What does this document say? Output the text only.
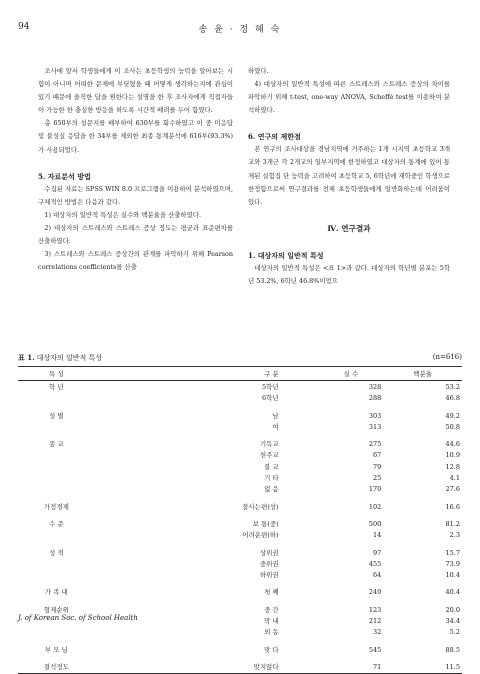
94	송 윤 · 정 혜 숙

조사에 앞서 학생들에게 이 조사는 초등학생의 능력을 알아보는 시험이 아니며 어떠한 문제에 부딪혔을 때 어떻게 생각하는지에 관심이 있기 때문에 솔직한 답을 원한다는 설명을 한 후 조사자에게 직접자들이 가능한 한 충실한 방응을 하도록 시간적 배려를 두어 함였다.

총 650부의 설문지를 배부하여 630부를 회수하였고 이 중 미응답 및 불성실 응답을 한 34부를 제외한 최종 통계분석에 616부(93.3%)가 사용되었다.

5. 자료분석 방법

수집된 자료는 SPSS WIN 8.0 프로그램을 이용하여 분석하였으며, 구체적인 방법은 다음과 같다.

1) 대상자의 일반적 특성은 실수와 백분율을 산출하였다.

2) 대상자의 스트레스와 스트레스 증상 정도는 평균과 표준편차를 산출하였다.

3) 스트레스와 스트레스 증상간의 관계를 파악하기 위해 Pearson correlations coefficients를 산출

하였다.

4) 대상자의 일반적 특성에 따른 스트레스와 스트레스 증상의 차이를 파악하기 위해 t-test, one-way ANOVA, Scheffé test를 이용하여 분석하였다.

6. 연구의 제한점

본 연구의 조사대상을 경남지역에 거주하는 1개 시지역 초등학교 3개교와 3개군 각 2개교의 일부지역에 한정하였고 대상자의 통계에 있어 통제된 실험집 단 능력을 고려하여 초등학교 5, 6학년에 재학중인 학생으로 한정함으로써 연구결과를 전체 초등학생들에게 일반화하는데 어려움이 있다.

Ⅳ. 연구결과

1. 대상자의 일반적 특성

대상자의 일반적 특성은 <표 1>과 같다. 대상자의 학년별 분포는 5학년 53.2%, 6학년 46.8%이었으

표 1. 대상자의 일반적 특성	(n=616)
특 성	구 분	실 수	백분율
학 년	5학년	328	53.2
	6학년	288	46.8
성 별	남	303	49.2
	여	313	50.8
종 교	기독교	275	44.6
	천주교	67	10.9
	불 교	79	12.8
	기 타	25	4.1
	없 음	170	27.6
가정경제	잘사는편(상)	102	16.6
수 준	보 통(중)	500	81.2
	어려운편(하)	14	2.3
성 적	상위권	97	15.7
	중위권	455	73.9
	하위권	64	10.4
가 족 내	첫 째	249	40.4
형제순위	중 간	123	20.0
	막 내	212	34.4
	외 동	32	5.2
부 모 님	맞 다	545	88.5
결석정도	맞지않다	71	11.5
J. of Korean Soc. of School Health
